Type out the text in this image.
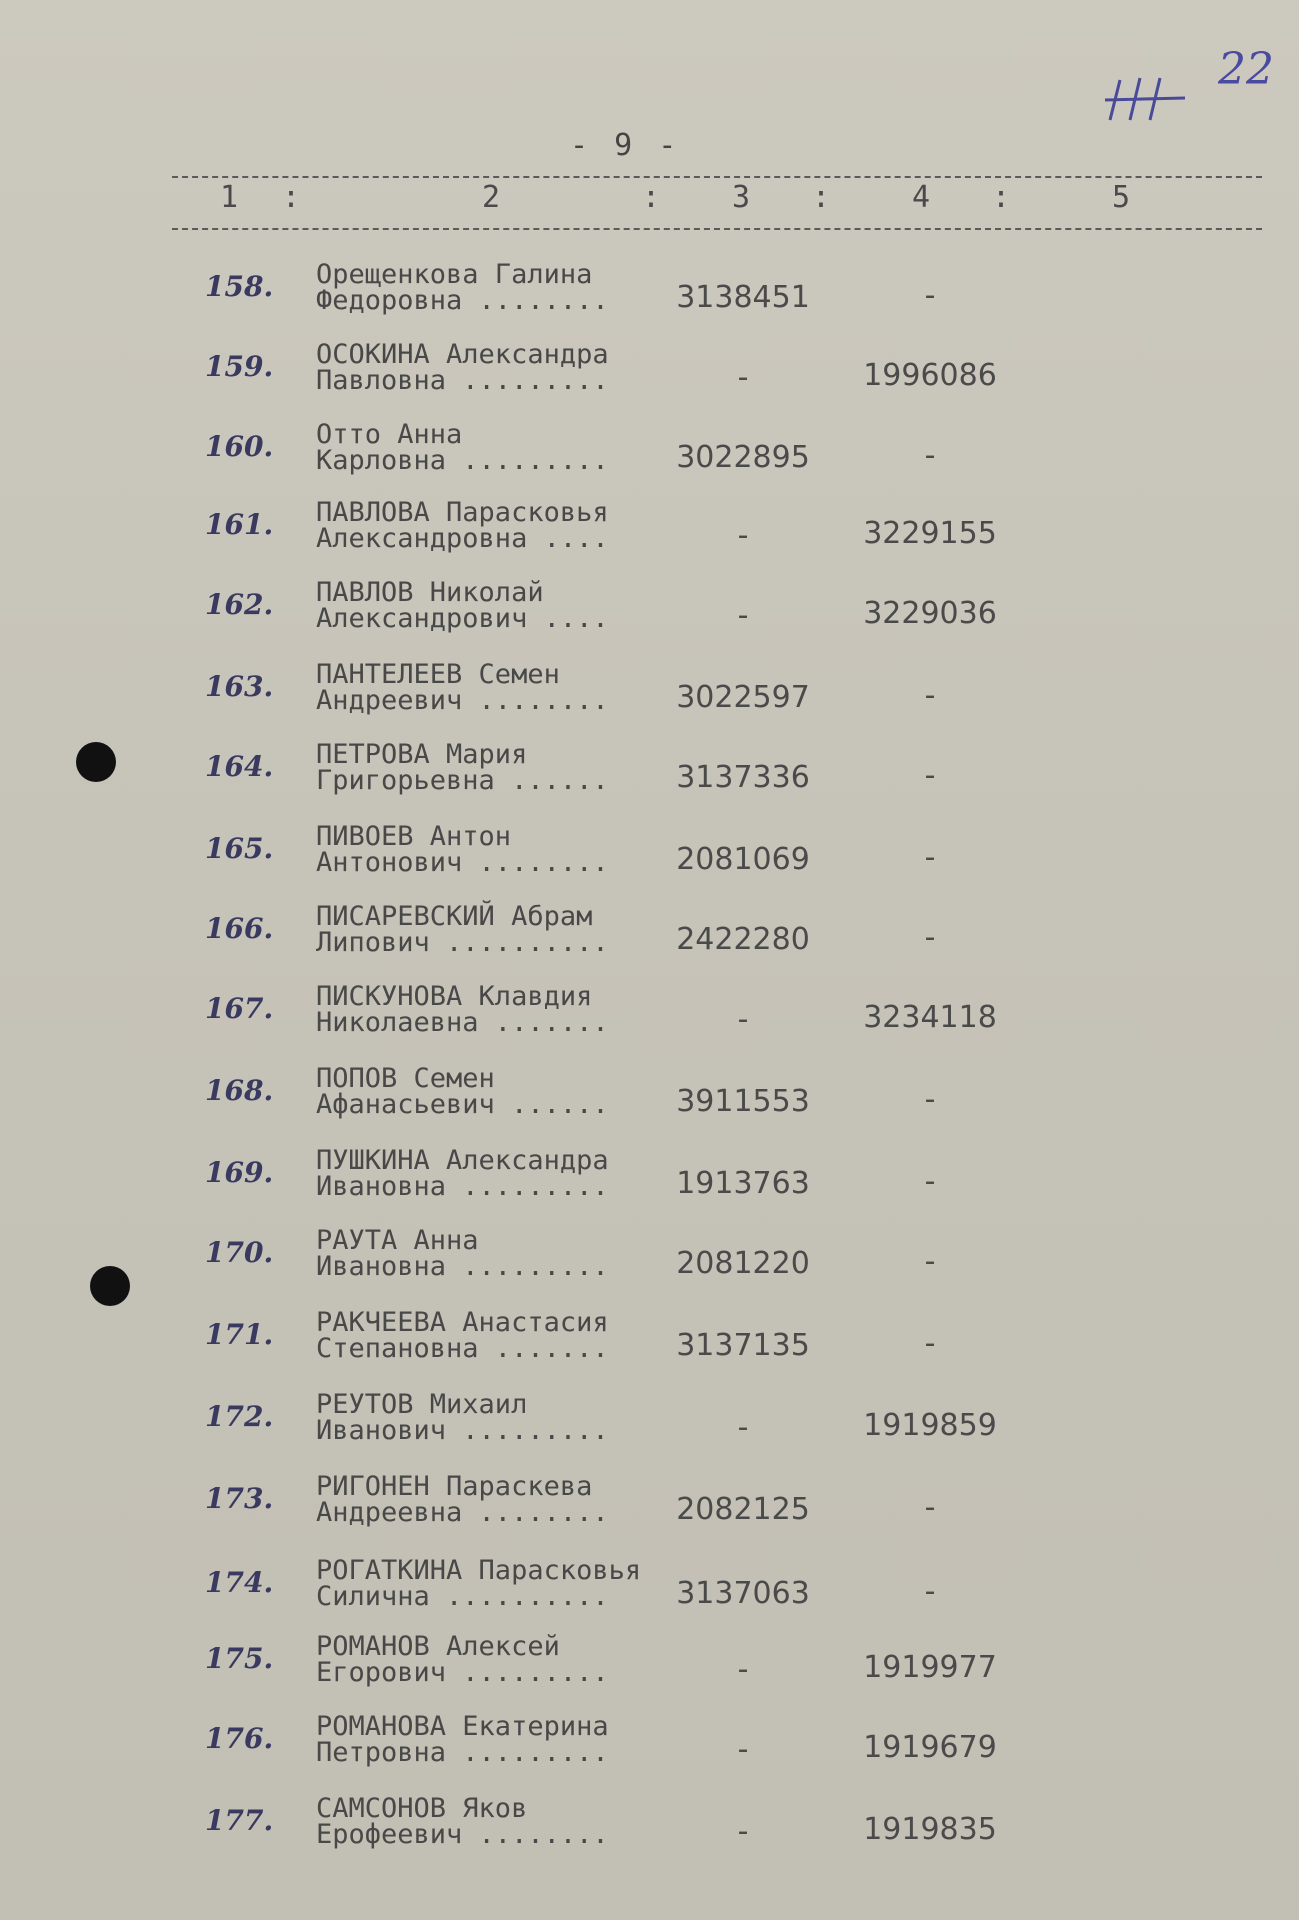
22
- 9 -
1 :	2	: 3 :	4 :	5
158.	Орещенкова Галина
Федоровна ........	3138451	-
159.	ОСОКИНА Александра
Павловна .........	-	1996086
160.	Отто Анна
Карловна .........	3022895	-
161.	ПАВЛОВА Парасковья
Александровна ....	-	3229155
162.	ПАВЛОВ Николай
Александрович ....	-	3229036
163.	ПАНТЕЛЕЕВ Семен
Андреевич ........	3022597	-
164.	ПЕТРОВА Мария
Григорьевна ......	3137336	-
165.	ПИВОЕВ Антон
Антонович ........	2081069	-
166.	ПИСАРЕВСКИЙ Абрам
Липович ..........	2422280	-
167.	ПИСКУНОВА Клавдия
Николаевна .......	-	3234118
168.	ПОПОВ Семен
Афанасьевич ......	3911553	-
169.	ПУШКИНА Александра
Ивановна .........	1913763	-
170.	РАУТА Анна
Ивановна .........	2081220	-
171.	РАКЧЕЕВА Анастасия
Степановна .......	3137135	-
172.	РЕУТОВ Михаил
Иванович .........	-	1919859
173.	РИГОНЕН Параскева
Андреевна ........	2082125	-
174.	РОГАТКИНА Парасковья
Силична ..........	3137063	-
175.	РОМАНОВ Алексей
Егорович .........	-	1919977
176.	РОМАНОВА Екатерина
Петровна .........	-	1919679
177.	САМСОНОВ Яков
Ерофеевич ........	-	1919835
